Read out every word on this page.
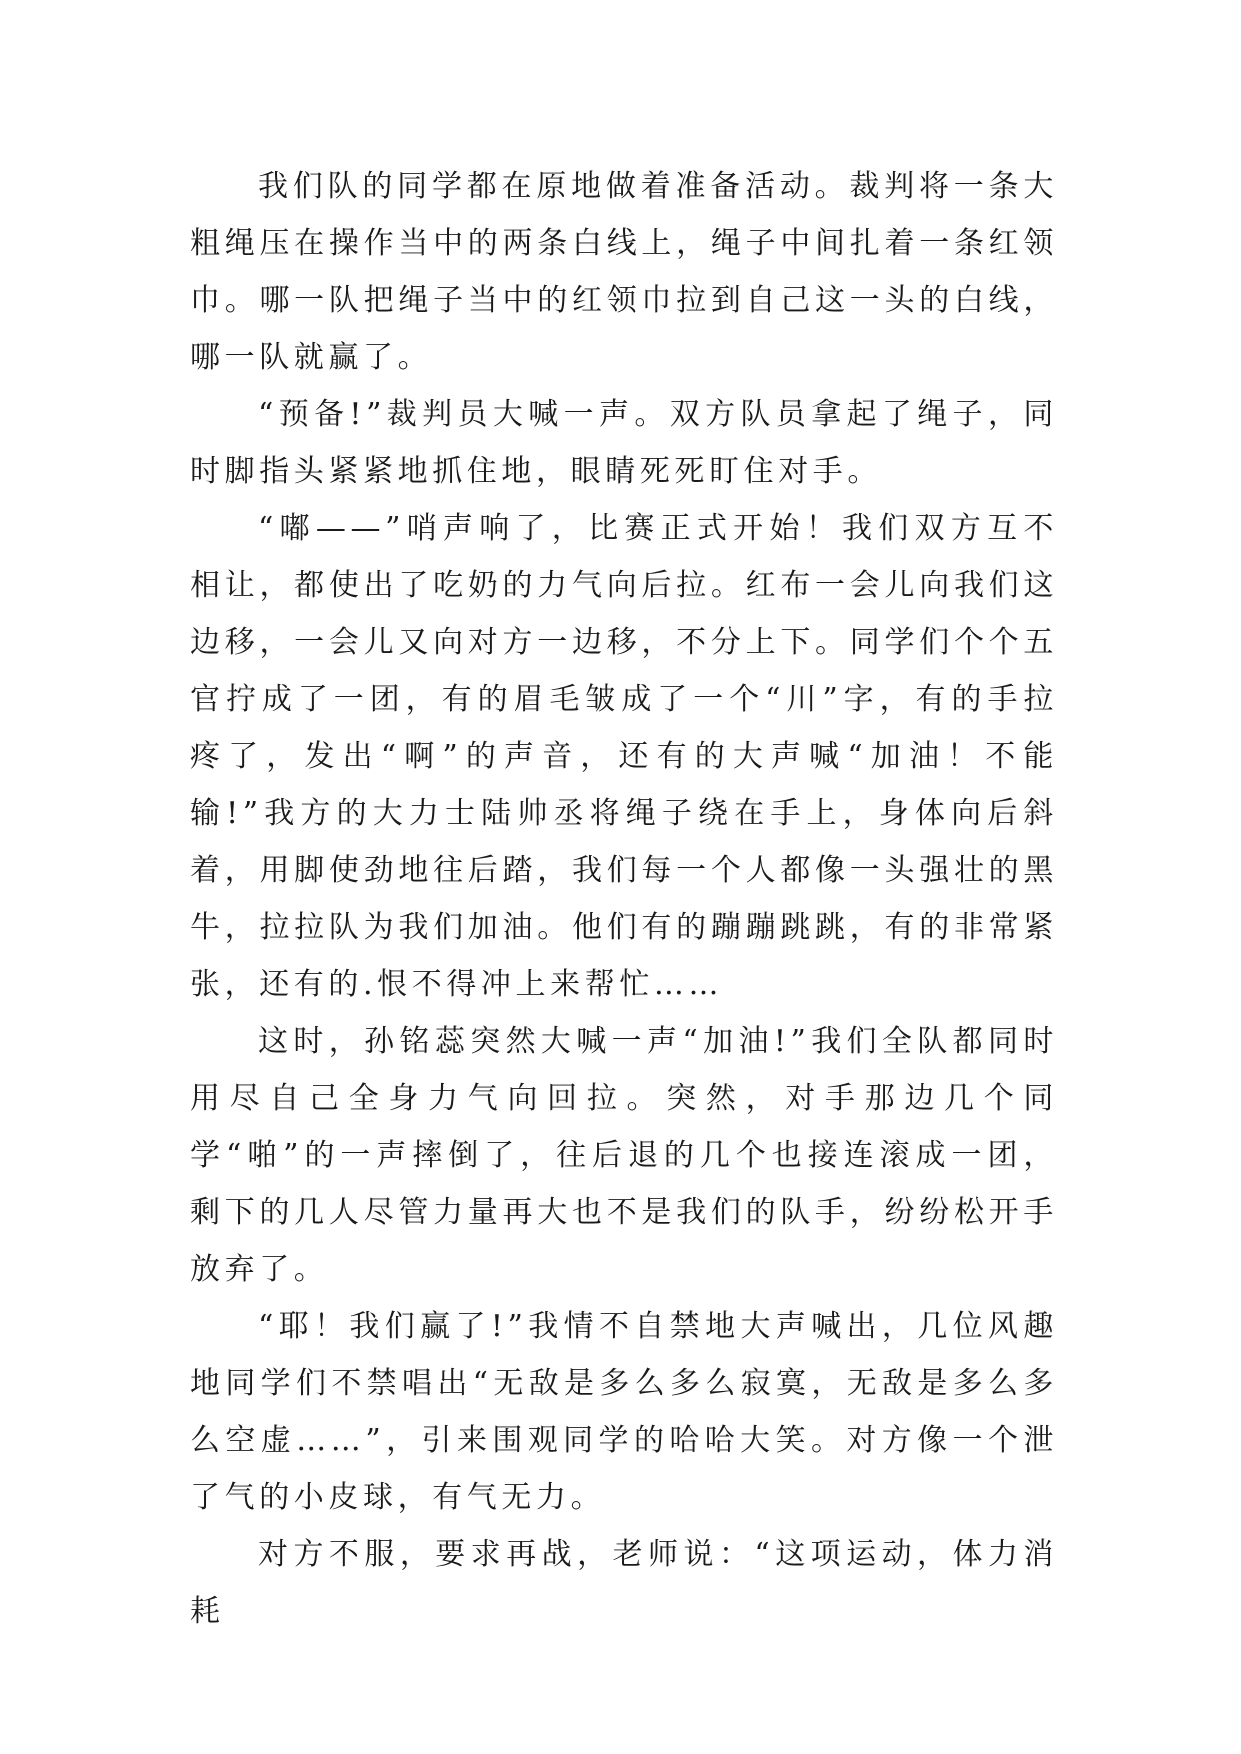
我们队的同学都在原地做着准备活动。裁判将一条大粗绳压在操作当中的两条白线上，绳子中间扎着一条红领巾。哪一队把绳子当中的红领巾拉到自己这一头的白线，哪一队就赢了。

“预备!”裁判员大喊一声。双方队员拿起了绳子，同时脚指头紧紧地抓住地，眼睛死死盯住对手。

“嘟——”哨声响了，比赛正式开始！我们双方互不相让，都使出了吃奶的力气向后拉。红布一会儿向我们这边移，一会儿又向对方一边移，不分上下。同学们个个五官拧成了一团，有的眉毛皱成了一个“川”字，有的手拉疼了，发出“啊”的声音，还有的大声喊“加油！不能输!”我方的大力士陆帅丞将绳子绕在手上，身体向后斜着，用脚使劲地往后踏，我们每一个人都像一头强壮的黑牛，拉拉队为我们加油。他们有的蹦蹦跳跳，有的非常紧张，还有的.恨不得冲上来帮忙……

这时，孙铭蕊突然大喊一声“加油!”我们全队都同时用尽自己全身力气向回拉。突然，对手那边几个同学“啪”的一声摔倒了，往后退的几个也接连滚成一团，剩下的几人尽管力量再大也不是我们的队手，纷纷松开手放弃了。

“耶！我们赢了!”我情不自禁地大声喊出，几位风趣地同学们不禁唱出“无敌是多么多么寂寞，无敌是多么多么空虚……”，引来围观同学的哈哈大笑。对方像一个泄了气的小皮球，有气无力。

对方不服，要求再战，老师说：“这项运动，体力消耗
